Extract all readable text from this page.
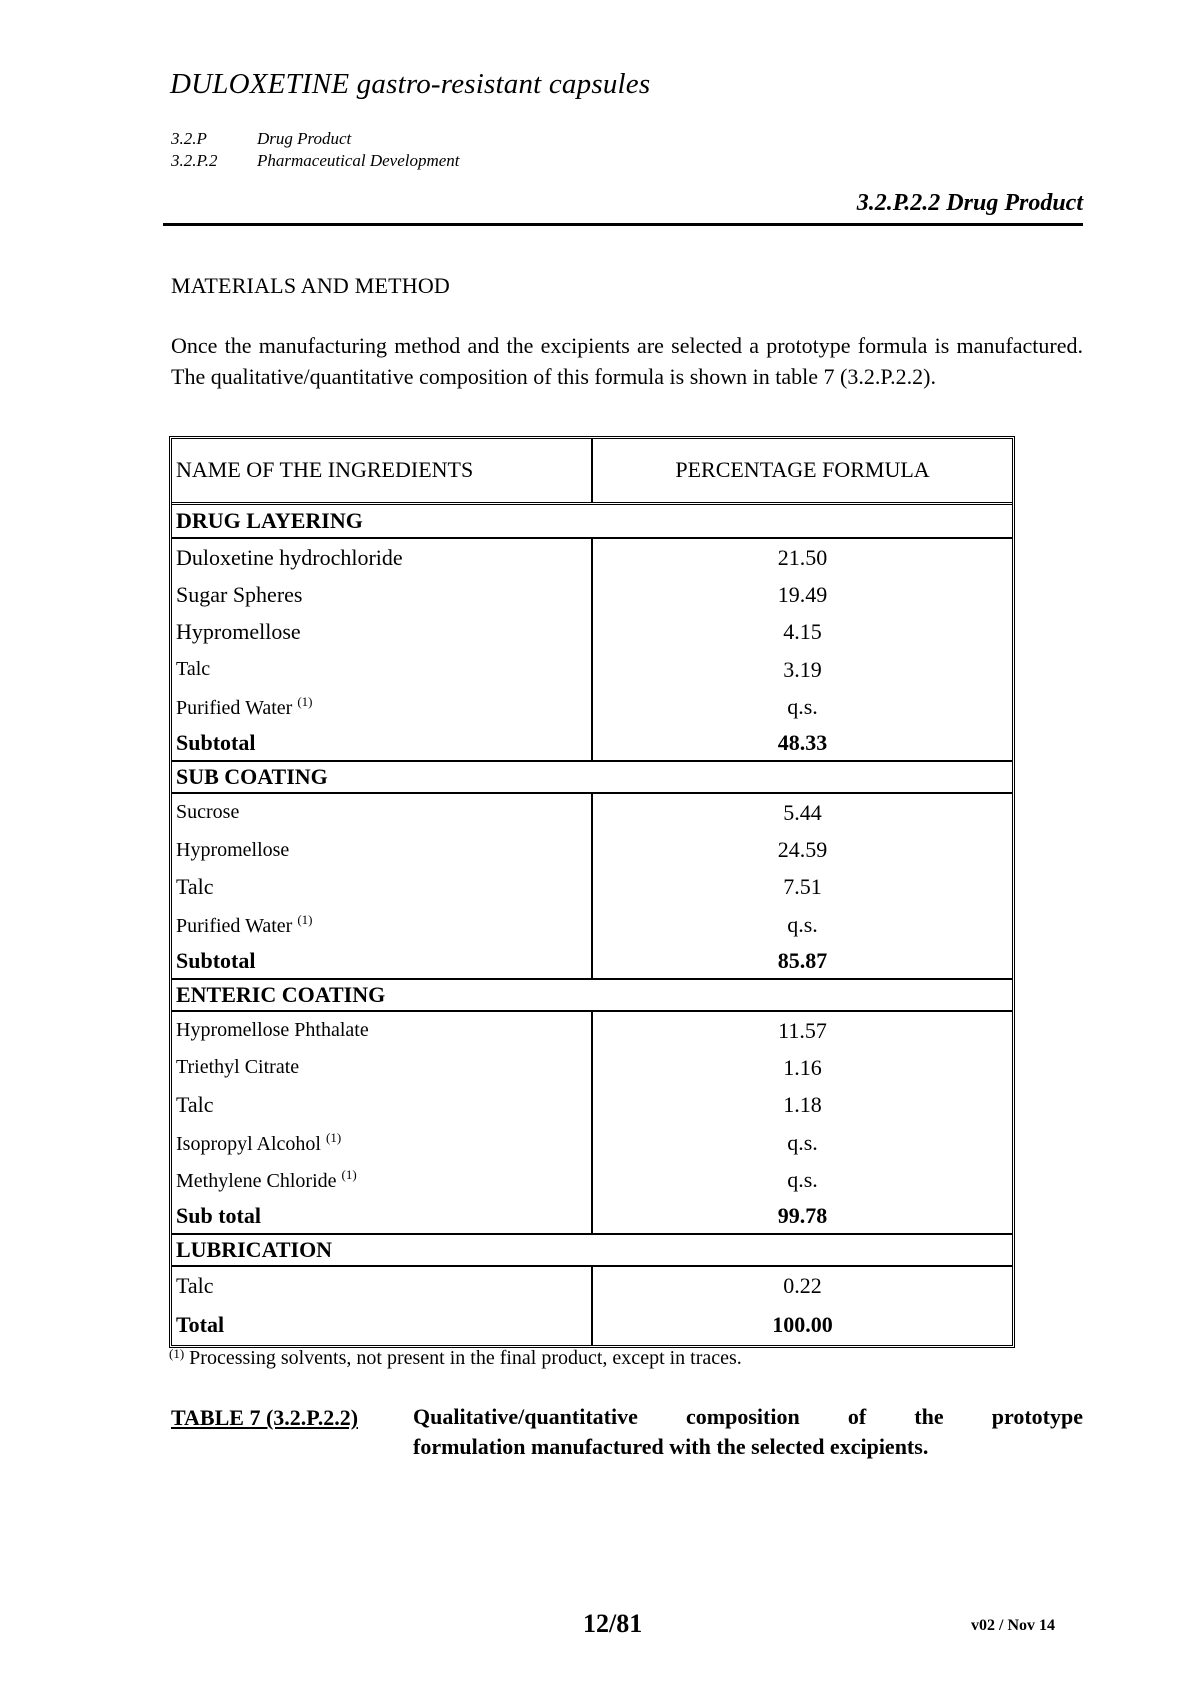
DULOXETINE gastro-resistant capsules
3.2.P	Drug Product
3.2.P.2	Pharmaceutical Development
3.2.P.2.2 Drug Product
MATERIALS AND METHOD

Once the manufacturing method and the excipients are selected a prototype formula is manufactured. The qualitative/quantitative composition of this formula is shown in table 7 (3.2.P.2.2).

NAME OF THE INGREDIENTS	PERCENTAGE FORMULA
DRUG LAYERING	
Duloxetine hydrochloride	21.50
Sugar Spheres	19.49
Hypromellose	4.15
Talc	3.19
Purified Water $^{(1)}$	q.s.
Subtotal	48.33
SUB COATING	
Sucrose	5.44
Hypromellose	24.59
Talc	7.51
Purified Water $^{(1)}$	q.s.
Subtotal	85.87
ENTERIC COATING	
Hypromellose Phthalate	11.57
Triethyl Citrate	1.16
Talc	1.18
Isopropyl Alcohol $^{(1)}$	q.s.
Methylene Chloride $^{(1)}$	q.s.
Sub total	99.78
LUBRICATION	
Talc	0.22
Total	100.00
$^{(1)}$ Processing solvents, not present in the final product, except in traces.
TABLE 7 (3.2.P.2.2) Qualitative/quantitative composition of the prototype
formulation manufactured with the selected excipients.

12/81	v02 / Nov 14
